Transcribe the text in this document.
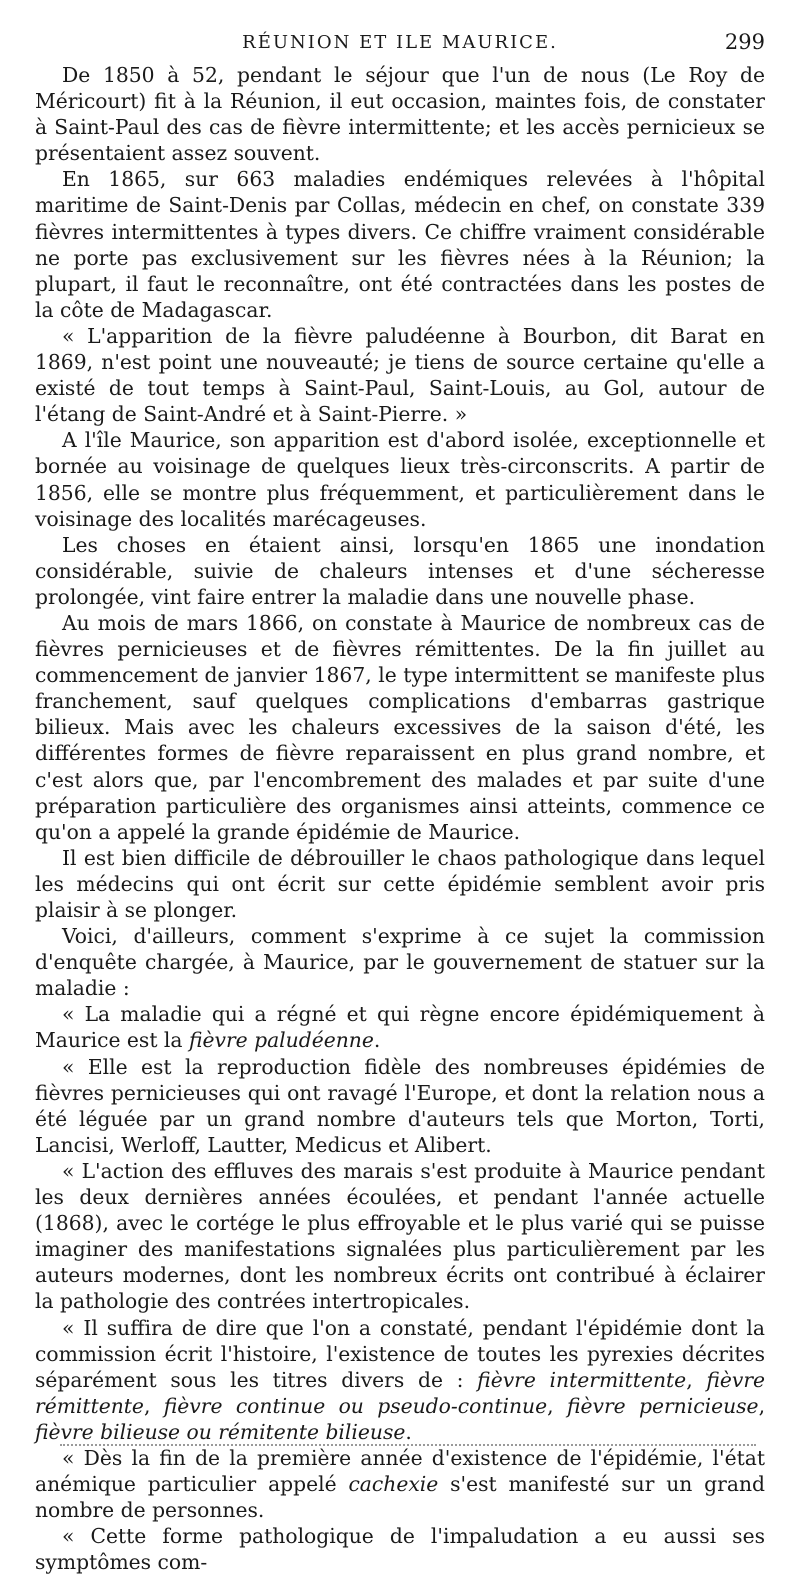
RÉUNION ET ILE MAURICE.	299

De 1850 à 52, pendant le séjour que l'un de nous (Le Roy de Méricourt) fit à la Réunion, il eut occasion, maintes fois, de constater à Saint-Paul des cas de fièvre intermittente; et les accès pernicieux se présentaient assez souvent.

En 1865, sur 663 maladies endémiques relevées à l'hôpital maritime de Saint-Denis par Collas, médecin en chef, on constate 339 fièvres intermittentes à types divers. Ce chiffre vraiment considérable ne porte pas exclusivement sur les fièvres nées à la Réunion; la plupart, il faut le reconnaître, ont été contractées dans les postes de la côte de Madagascar.

« L'apparition de la fièvre paludéenne à Bourbon, dit Barat en 1869, n'est point une nouveauté; je tiens de source certaine qu'elle a existé de tout temps à Saint-Paul, Saint-Louis, au Gol, autour de l'étang de Saint-André et à Saint-Pierre. »

A l'île Maurice, son apparition est d'abord isolée, exceptionnelle et bornée au voisinage de quelques lieux très-circonscrits. A partir de 1856, elle se montre plus fréquemment, et particulièrement dans le voisinage des localités marécageuses.

Les choses en étaient ainsi, lorsqu'en 1865 une inondation considérable, suivie de chaleurs intenses et d'une sécheresse prolongée, vint faire entrer la maladie dans une nouvelle phase.

Au mois de mars 1866, on constate à Maurice de nombreux cas de fièvres pernicieuses et de fièvres rémittentes. De la fin juillet au commencement de janvier 1867, le type intermittent se manifeste plus franchement, sauf quelques complications d'embarras gastrique bilieux. Mais avec les chaleurs excessives de la saison d'été, les différentes formes de fièvre reparaissent en plus grand nombre, et c'est alors que, par l'encombrement des malades et par suite d'une préparation particulière des organismes ainsi atteints, commence ce qu'on a appelé la grande épidémie de Maurice.

Il est bien difficile de débrouiller le chaos pathologique dans lequel les médecins qui ont écrit sur cette épidémie semblent avoir pris plaisir à se plonger.

Voici, d'ailleurs, comment s'exprime à ce sujet la commission d'enquête chargée, à Maurice, par le gouvernement de statuer sur la maladie :

« La maladie qui a régné et qui règne encore épidémiquement à Maurice est la fièvre paludéenne.

« Elle est la reproduction fidèle des nombreuses épidémies de fièvres pernicieuses qui ont ravagé l'Europe, et dont la relation nous a été léguée par un grand nombre d'auteurs tels que Morton, Torti, Lancisi, Werloff, Lautter, Medicus et Alibert.

« L'action des effluves des marais s'est produite à Maurice pendant les deux dernières années écoulées, et pendant l'année actuelle (1868), avec le cortége le plus effroyable et le plus varié qui se puisse imaginer des manifestations signalées plus particulièrement par les auteurs modernes, dont les nombreux écrits ont contribué à éclairer la pathologie des contrées intertropicales.

« Il suffira de dire que l'on a constaté, pendant l'épidémie dont la commission écrit l'histoire, l'existence de toutes les pyrexies décrites séparément sous les titres divers de : fièvre intermittente, fièvre rémittente, fièvre continue ou pseudo-continue, fièvre pernicieuse, fièvre bilieuse ou rémitente bilieuse.

« Dès la fin de la première année d'existence de l'épidémie, l'état anémique particulier appelé cachexie s'est manifesté sur un grand nombre de personnes.

« Cette forme pathologique de l'impaludation a eu aussi ses symptômes com-
